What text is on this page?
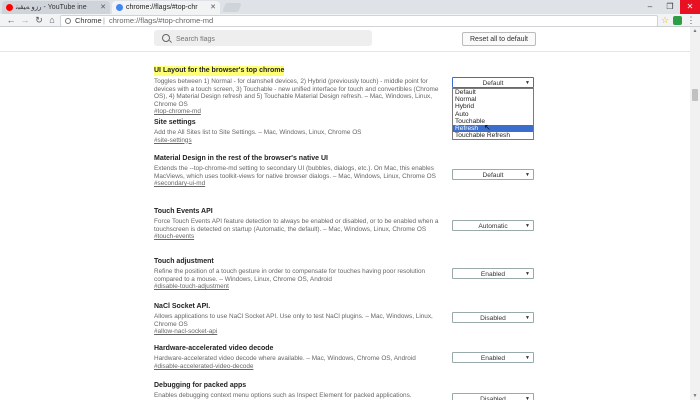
ﺭﺯﻭ ﻪﻴﻘﺒﻧ - YouTube ‪ine‬ ✕	chrome://flags/#top-chr ✕	–	❐	✕
← → ↻ ⌂	Chrome | chrome://flags/#top-chrome-md	☆ ⋮
Search flags
Reset all to default
UI Layout for the browser's top chrome
Toggles between 1) Normal - for clamshell devices, 2) Hybrid (previously touch) - middle point for devices with a touch screen, 3) Touchable - new unified interface for touch and convertibles (Chrome OS), 4) Material Design refresh and 5) Touchable Material Design refresh. – Mac, Windows, Linux, Chrome OS
#top-chrome-md
Default	▼
Default
Normal
Hybrid
Auto
Touchable
Refresh
Touchable Refresh
↖
Site settings
Add the All Sites list to Site Settings. – Mac, Windows, Linux, Chrome OS
#site-settings
Material Design in the rest of the browser's native UI
Extends the --top-chrome-md setting to secondary UI (bubbles, dialogs, etc.). On Mac, this enables MacViews, which uses toolkit-views for native browser dialogs. – Mac, Windows, Linux, Chrome OS
#secondary-ui-md
Default	▼
Touch Events API
Force Touch Events API feature detection to always be enabled or disabled, or to be enabled when a touchscreen is detected on startup (Automatic, the default). – Mac, Windows, Linux, Chrome OS
#touch-events
Automatic	▼
Touch adjustment
Refine the position of a touch gesture in order to compensate for touches having poor resolution compared to a mouse. – Windows, Linux, Chrome OS, Android
#disable-touch-adjustment
Enabled	▼
NaCl Socket API.
Allows applications to use NaCl Socket API. Use only to test NaCl plugins. – Mac, Windows, Linux, Chrome OS
#allow-nacl-socket-api
Disabled	▼
Hardware-accelerated video decode
Hardware-accelerated video decode where available. – Mac, Windows, Chrome OS, Android
#disable-accelerated-video-decode
Enabled	▼
Debugging for packed apps
Enables debugging context menu options such as Inspect Element for packed applications.
Disabled	▼
▲
▼
